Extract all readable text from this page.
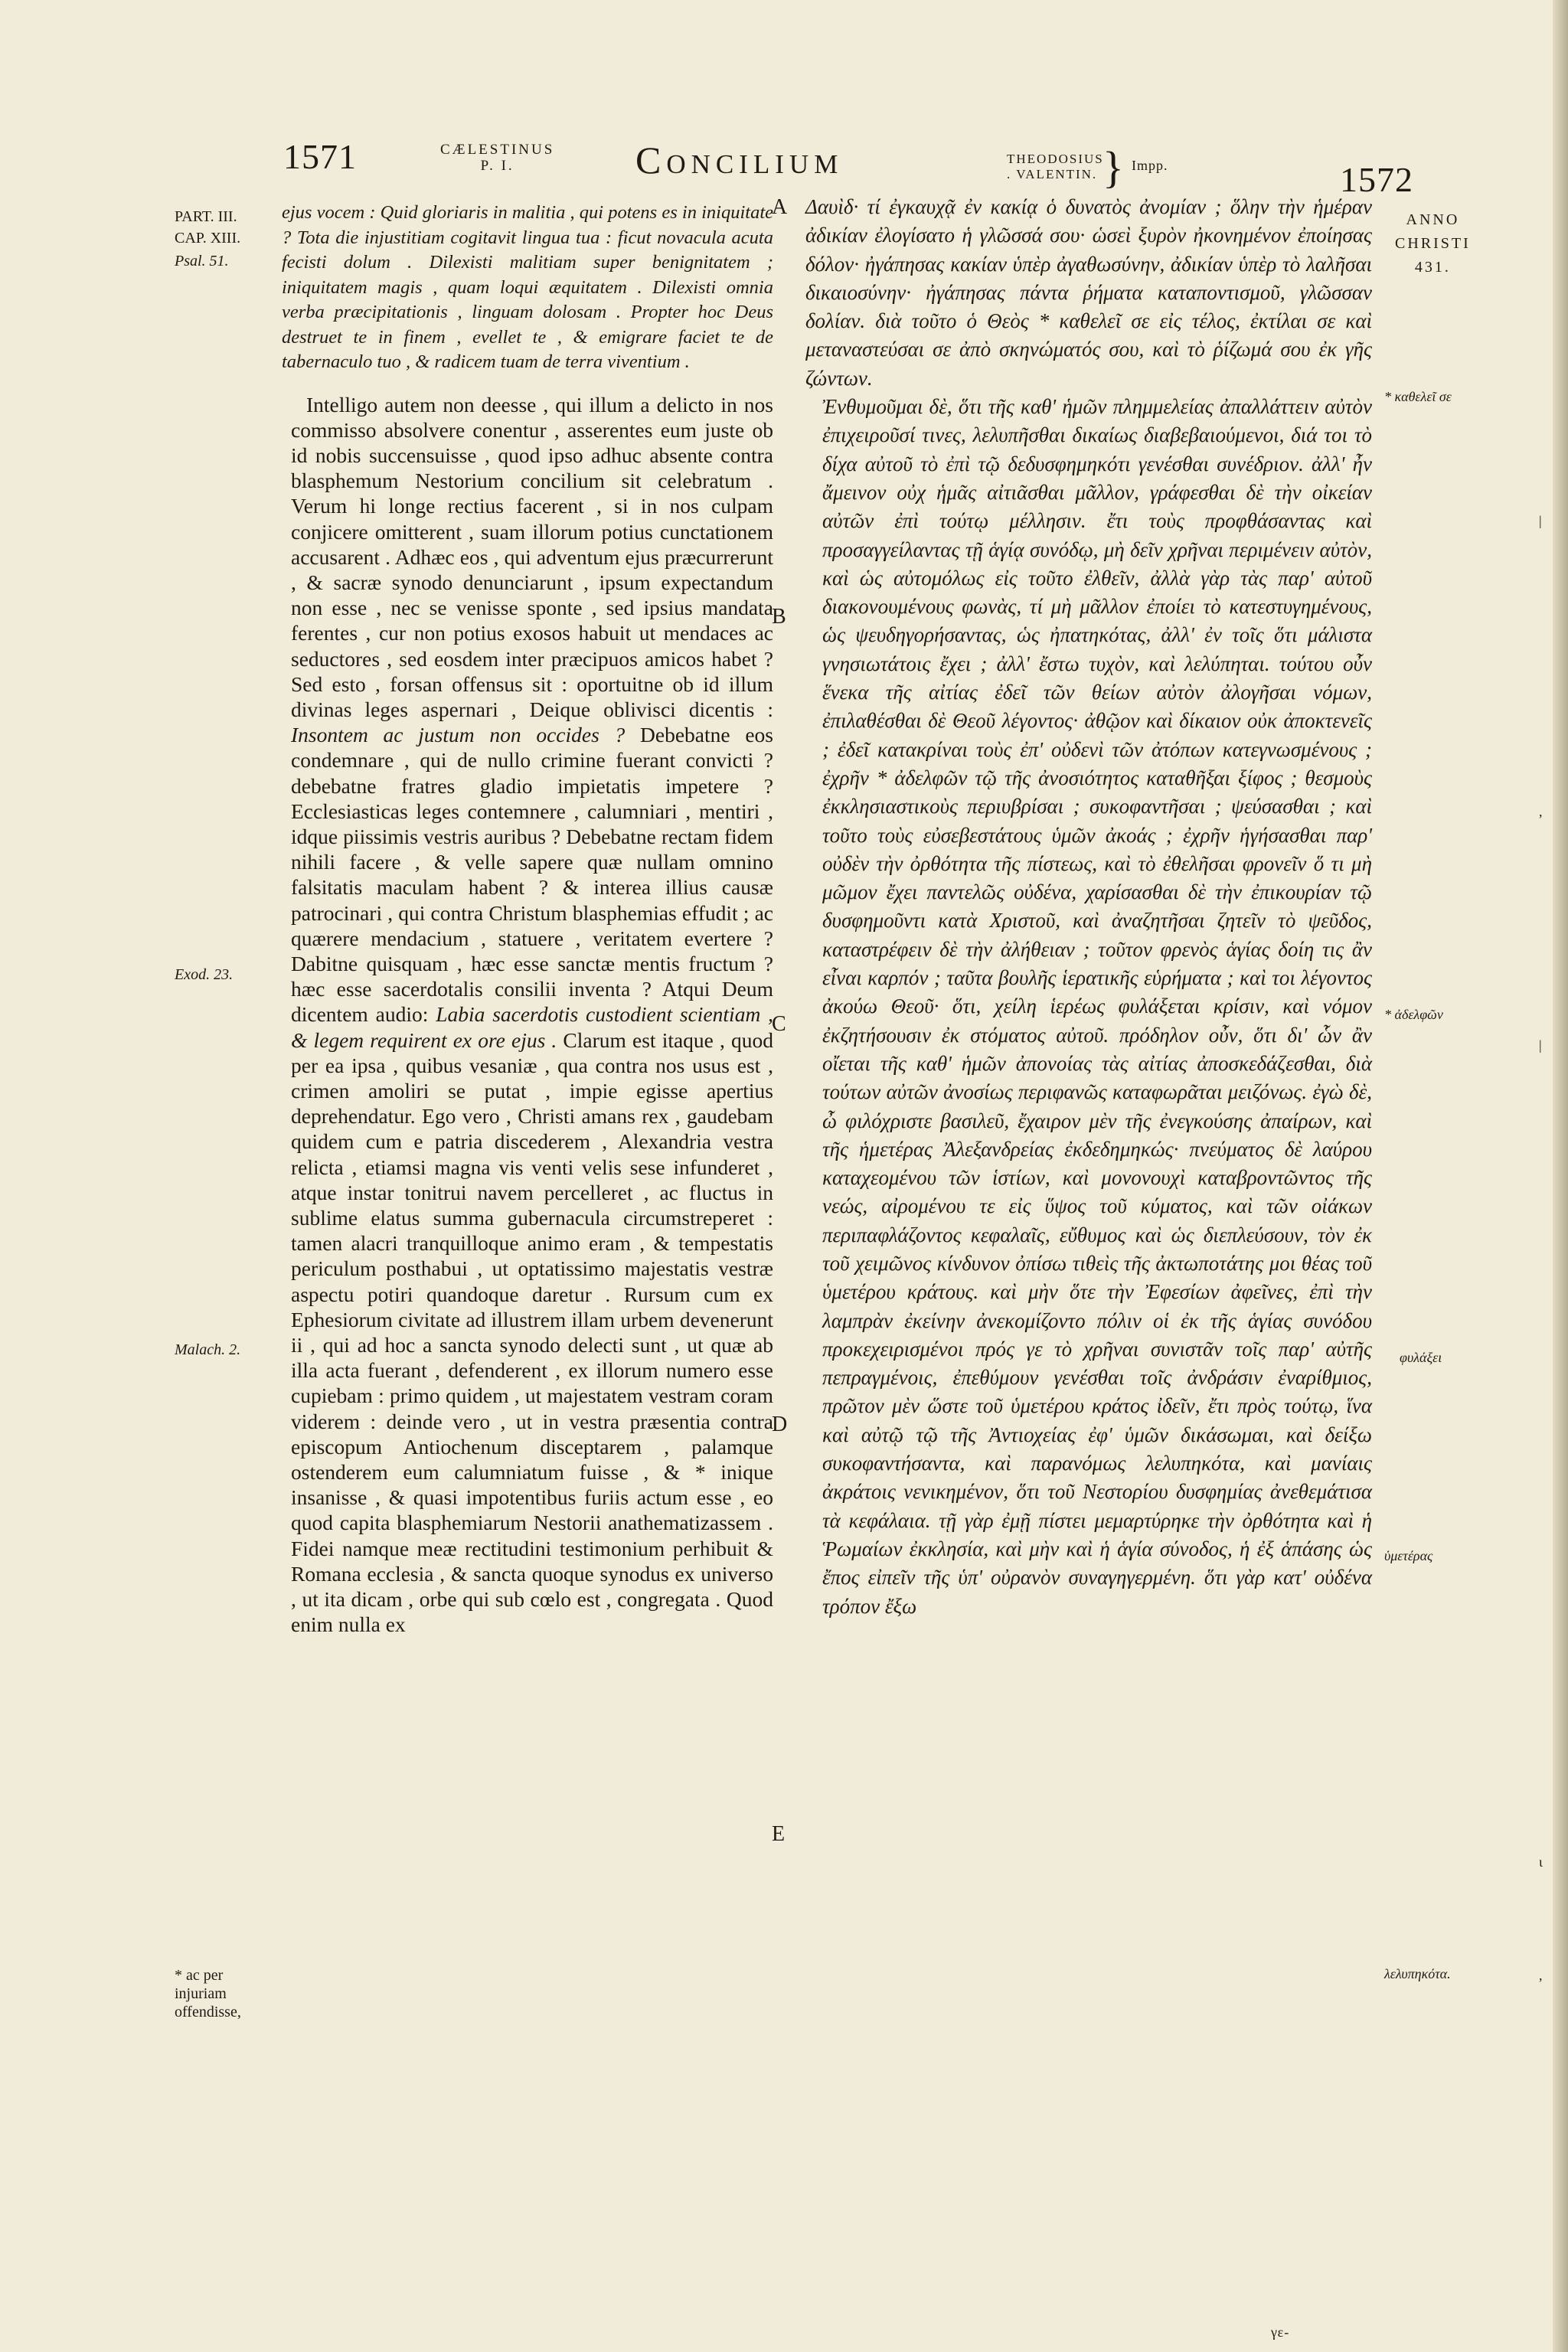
1571	CÆLESTINUS
P. I.	Concilium	THEODOSIUS
. VALENTIN. } Impp.	1572
ANNO
CHRISTI
431.
PART. III.
CAP. XIII.
Psal. 51.
Exod. 23.
Malach. 2.
* ac per injuriam offendisse,

ejus vocem : Quid gloriaris in malitia , qui potens es in iniquitate ? Tota die injustitiam cogitavit lingua tua : ficut novacula acuta fecisti dolum . Dilexisti malitiam super benignitatem ; iniquitatem magis , quam loqui æquitatem . Dilexisti omnia verba præcipitationis , linguam dolosam . Propter hoc Deus destruet te in finem , evellet te , & emigrare faciet te de tabernaculo tuo , & radicem tuam de terra viventium .

Intelligo autem non deesse , qui illum a delicto in nos commisso absolvere conentur , asserentes eum juste ob id nobis succensuisse , quod ipso adhuc absente contra blasphemum Nestorium concilium sit celebratum . Verum hi longe rectius facerent , si in nos culpam conjicere omitterent , suam illorum potius cunctationem accusarent . Adhæc eos , qui adventum ejus præcurrerunt , & sacræ synodo denunciarunt , ipsum expectandum non esse , nec se venisse sponte , sed ipsius mandata ferentes , cur non potius exosos habuit ut mendaces ac seductores , sed eosdem inter præcipuos amicos habet ? Sed esto , forsan offensus sit : oportuitne ob id illum divinas leges aspernari , Deique oblivisci dicentis : Insontem ac justum non occides ? Debebatne eos condemnare , qui de nullo crimine fuerant convicti ? debebatne fratres gladio impietatis impetere ? Ecclesiasticas leges contemnere , calumniari , mentiri , idque piissimis vestris auribus ? Debebatne rectam fidem nihili facere , & velle sapere quæ nullam omnino falsitatis maculam habent ? & interea illius causæ patrocinari , qui contra Christum blasphemias effudit ; ac quærere mendacium , statuere , veritatem evertere ? Dabitne quisquam , hæc esse sanctæ mentis fructum ? hæc esse sacerdotalis consilii inventa ? Atqui Deum dicentem audio: Labia sacerdotis custodient scientiam , & legem requirent ex ore ejus . Clarum est itaque , quod per ea ipsa , quibus vesaniæ , qua contra nos usus est , crimen amoliri se putat , impie egisse apertius deprehendatur. Ego vero , Christi amans rex , gaudebam quidem cum e patria discederem , Alexandria vestra relicta , etiamsi magna vis venti velis sese infunderet , atque instar tonitrui navem percelleret , ac fluctus in sublime elatus summa gubernacula circumstreperet : tamen alacri tranquilloque animo eram , & tempestatis periculum posthabui , ut optatissimo majestatis vestræ aspectu potiri quandoque daretur . Rursum cum ex Ephesiorum civitate ad illustrem illam urbem devenerunt ii , qui ad hoc a sancta synodo delecti sunt , ut quæ ab illa acta fuerant , defenderent , ex illorum numero esse cupiebam : primo quidem , ut majestatem vestram coram viderem : deinde vero , ut in vestra præsentia contra episcopum Antiochenum disceptarem , palamque ostenderem eum calumniatum fuisse , & * inique insanisse , & quasi impotentibus furiis actum esse , eo quod capita blasphemiarum Nestorii anathematizassem . Fidei namque meæ rectitudini testimonium perhibuit & Romana ecclesia , & sancta quoque synodus ex universo , ut ita dicam , orbe qui sub cœlo est , congregata . Quod enim nulla ex

A
B
C
D
E

Δαυὶδ· τί ἐγκαυχᾷ ἐν κακίᾳ ὁ δυνατὸς ἀνομίαν ; ὅλην τὴν ἡμέραν ἀδικίαν ἐλογίσατο ἡ γλῶσσά σου· ὡσεὶ ξυρὸν ἠκονημένον ἐποίησας δόλον· ἠγάπησας κακίαν ὑπὲρ ἀγαθωσύνην, ἀδικίαν ὑπὲρ τὸ λαλῆσαι δικαιοσύνην· ἠγάπησας πάντα ῥήματα καταποντισμοῦ, γλῶσσαν δολίαν. διὰ τοῦτο ὁ Θεὸς * καθελεῖ σε εἰς τέλος, ἐκτίλαι σε καὶ μεταναστεύσαι σε ἀπὸ σκηνώματός σου, καὶ τὸ ῥίζωμά σου ἐκ γῆς ζώντων.
Ἐνθυμοῦμαι δὲ, ὅτι τῆς καθ' ἡμῶν πλημμελείας ἀπαλλάττειν αὐτὸν ἐπιχειροῦσί τινες, λελυπῆσθαι δικαίως διαβεβαιούμενοι, διά τοι τὸ δίχα αὐτοῦ τὸ ἐπὶ τῷ δεδυσφημηκότι γενέσθαι συνέδριον. ἀλλ' ἦν ἄμεινον οὐχ ἡμᾶς αἰτιᾶσθαι μᾶλλον, γράφεσθαι δὲ τὴν οἰκείαν αὐτῶν ἐπὶ τούτῳ μέλλησιν. ἔτι τοὺς προφθάσαντας καὶ προσαγγείλαντας τῇ ἁγίᾳ συνόδῳ, μὴ δεῖν χρῆναι περιμένειν αὐτὸν, καὶ ὡς αὐτομόλως εἰς τοῦτο ἐλθεῖν, ἀλλὰ γὰρ τὰς παρ' αὐτοῦ διακονουμένους φωνὰς, τί μὴ μᾶλλον ἐποίει τὸ κατεστυγημένους, ὡς ψευδηγορήσαντας, ὡς ἠπατηκότας, ἀλλ' ἐν τοῖς ὅτι μάλιστα γνησιωτάτοις ἔχει ; ἀλλ' ἔστω τυχὸν, καὶ λελύπηται. τούτου οὖν ἕνεκα τῆς αἰτίας ἐδεῖ τῶν θείων αὐτὸν ἀλογῆσαι νόμων, ἐπιλαθέσθαι δὲ Θεοῦ λέγοντος· ἀθῷον καὶ δίκαιον οὐκ ἀποκτενεῖς ; ἐδεῖ κατακρίναι τοὺς ἐπ' οὐδενὶ τῶν ἀτόπων κατεγνωσμένους ; ἐχρῆν * ἀδελφῶν τῷ τῆς ἀνοσιότητος καταθῆξαι ξίφος ; θεσμοὺς ἐκκλησιαστικοὺς περιυβρίσαι ; συκοφαντῆσαι ; ψεύσασθαι ; καὶ τοῦτο τοὺς εὐσεβεστάτους ὑμῶν ἀκοάς ; ἐχρῆν ἡγήσασθαι παρ' οὐδὲν τὴν ὀρθότητα τῆς πίστεως, καὶ τὸ ἐθελῆσαι φρονεῖν ὅ τι μὴ μῶμον ἔχει παντελῶς οὐδένα, χαρίσασθαι δὲ τὴν ἐπικουρίαν τῷ δυσφημοῦντι κατὰ Χριστοῦ, καὶ ἀναζητῆσαι ζητεῖν τὸ ψεῦδος, καταστρέφειν δὲ τὴν ἀλήθειαν ; τοῦτον φρενὸς ἁγίας δοίη τις ἂν εἶναι καρπόν ; ταῦτα βουλῆς ἱερατικῆς εὑρήματα ; καὶ τοι λέγοντος ἀκούω Θεοῦ· ὅτι, χείλη ἱερέως φυλάξεται κρίσιν, καὶ νόμον ἐκζητήσουσιν ἐκ στόματος αὐτοῦ. πρόδηλον οὖν, ὅτι δι' ὧν ἂν οἴεται τῆς καθ' ἡμῶν ἀπονοίας τὰς αἰτίας ἀποσκεδάζεσθαι, διὰ τούτων αὐτῶν ἀνοσίως περιφανῶς καταφωρᾶται μειζόνως. ἐγὼ δὲ, ὦ φιλόχριστε βασιλεῦ, ἔχαιρον μὲν τῆς ἐνεγκούσης ἀπαίρων, καὶ τῆς ἡμετέρας Ἀλεξανδρείας ἐκδεδημηκώς· πνεύματος δὲ λαύρου καταχεομένου τῶν ἱστίων, καὶ μονονουχὶ καταβροντῶντος τῆς νεώς, αἰρομένου τε εἰς ὕψος τοῦ κύματος, καὶ τῶν οἰάκων περιπαφλάζοντος κεφαλαῖς, εὔθυμος καὶ ὡς διεπλεύσουν, τὸν ἐκ τοῦ χειμῶνος κίνδυνον ὀπίσω τιθεὶς τῆς ἀκτωποτάτης μοι θέας τοῦ ὑμετέρου κράτους. καὶ μὴν ὅτε τὴν Ἐφεσίων ἀφεῖνες, ἐπὶ τὴν λαμπρὰν ἐκείνην ἀνεκομίζοντο πόλιν οἱ ἐκ τῆς ἁγίας συνόδου προκεχειρισμένοι πρός γε τὸ χρῆναι συνιστᾶν τοῖς παρ' αὐτῆς πεπραγμένοις, ἐπεθύμουν γενέσθαι τοῖς ἀνδράσιν ἐναρίθμιος, πρῶτον μὲν ὥστε τοῦ ὑμετέρου κράτος ἰδεῖν, ἔτι πρὸς τούτῳ, ἵνα καὶ αὐτῷ τῷ τῆς Ἀντιοχείας ἐφ' ὑμῶν δικάσωμαι, καὶ δείξω συκοφαντήσαντα, καὶ παρανόμως λελυπηκότα, καὶ μανίαις ἀκράτοις νενικημένον, ὅτι τοῦ Νεστορίου δυσφημίας ἀνεθεμάτισα τὰ κεφάλαια. τῇ γὰρ ἐμῇ πίστει μεμαρτύρηκε τὴν ὀρθότητα καὶ ἡ Ῥωμαίων ἐκκλησία, καὶ μὴν καὶ ἡ ἁγία σύνοδος, ἡ ἐξ ἁπάσης ὡς ἔπος εἰπεῖν τῆς ὑπ' οὐρανὸν συναγηγερμένη. ὅτι γὰρ κατ' οὐδένα τρόπον ἔξω

* καθελεῖ σε
* ἀδελφῶν
φυλάξει
ὑμετέρας
λελυπηκότα.
|
,
|
ι
,
γε-
